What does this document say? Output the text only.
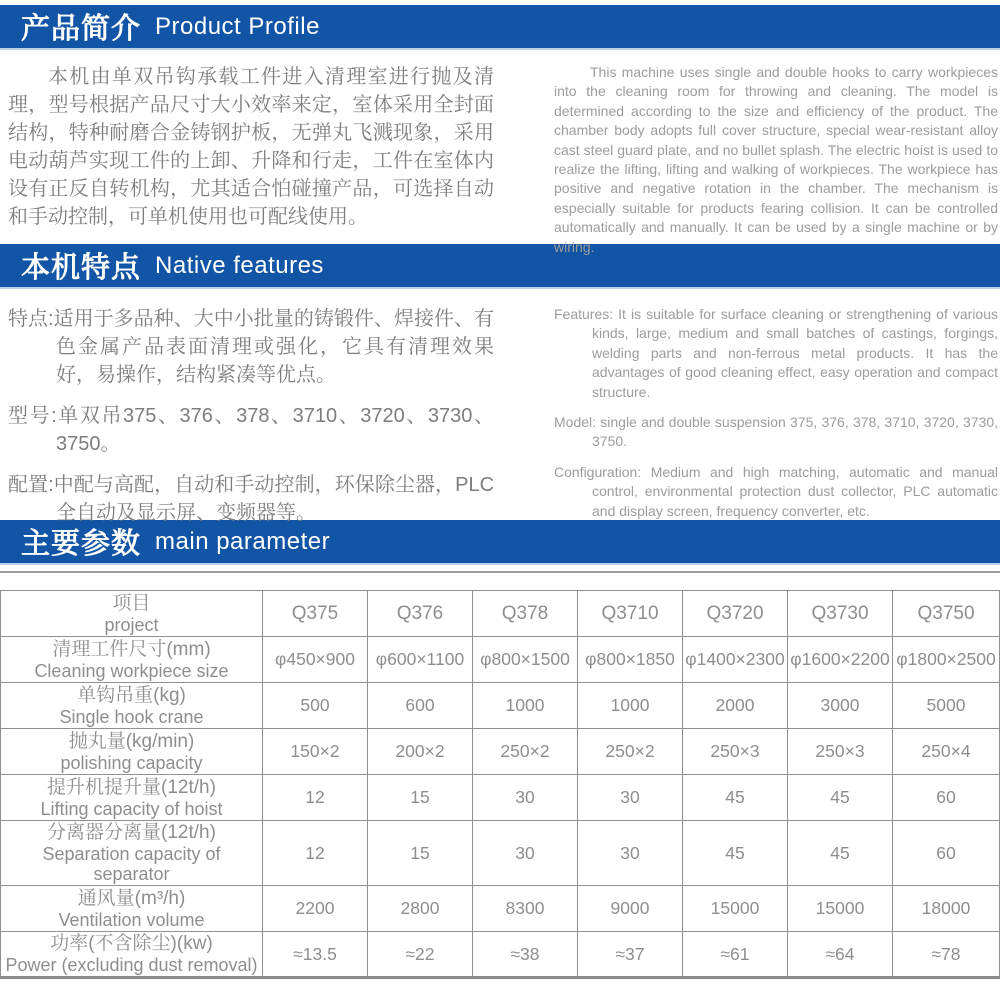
产品简介 Product Profile

本机由单双吊钩承载工件进入清理室进行抛及清理，型号根据产品尺寸大小效率来定，室体采用全封面结构，特种耐磨合金铸钢护板，无弹丸飞溅现象，采用电动葫芦实现工件的上卸、升降和行走，工件在室体内设有正反自转机构，尤其适合怕碰撞产品，可选择自动和手动控制，可单机使用也可配线使用。

This machine uses single and double hooks to carry workpieces into the cleaning room for throwing and cleaning. The model is determined according to the size and efficiency of the product. The chamber body adopts full cover structure, special wear-resistant alloy cast steel guard plate, and no bullet splash. The electric hoist is used to realize the lifting, lifting and walking of workpieces. The workpiece has positive and negative rotation in the chamber. The mechanism is especially suitable for products fearing collision. It can be controlled automatically and manually. It can be used by a single machine or by wiring.

本机特点 Native features

特点:适用于多品种、大中小批量的铸锻件、焊接件、有色金属产品表面清理或强化，它具有清理效果好，易操作，结构紧凑等优点。

型号:单双吊375、376、378、3710、3720、3730、3750。

配置:中配与高配，自动和手动控制，环保除尘器，PLC全自动及显示屏、变频器等。

Features: It is suitable for surface cleaning or strengthening of various kinds, large, medium and small batches of castings, forgings, welding parts and non-ferrous metal products. It has the advantages of good cleaning effect, easy operation and compact structure.

Model: single and double suspension 375, 376, 378, 3710, 3720, 3730, 3750.

Configuration: Medium and high matching, automatic and manual control, environmental protection dust collector, PLC automatic and display screen, frequency converter, etc.

主要参数 main parameter
项目
project	Q375	Q376	Q378	Q3710	Q3720	Q3730	Q3750

清理工件尺寸(mm)
Cleaning workpiece size	φ450×900	φ600×1100	φ800×1500	φ800×1850	φ1400×2300	φ1600×2200	φ1800×2500

单钩吊重(kg)
Single hook crane	500	600	1000	1000	2000	3000	5000

抛丸量(kg/min)
polishing capacity	150×2	200×2	250×2	250×2	250×3	250×3	250×4

提升机提升量(12t/h)
Lifting capacity of hoist	12	15	30	30	45	45	60

分离器分离量(12t/h)
Separation capacity of separator	12	15	30	30	45	45	60

通风量(m³/h)
Ventilation volume	2200	2800	8300	9000	15000	15000	18000

功率(不含除尘)(kw)
Power (excluding dust removal)	≈13.5	≈22	≈38	≈37	≈61	≈64	≈78
